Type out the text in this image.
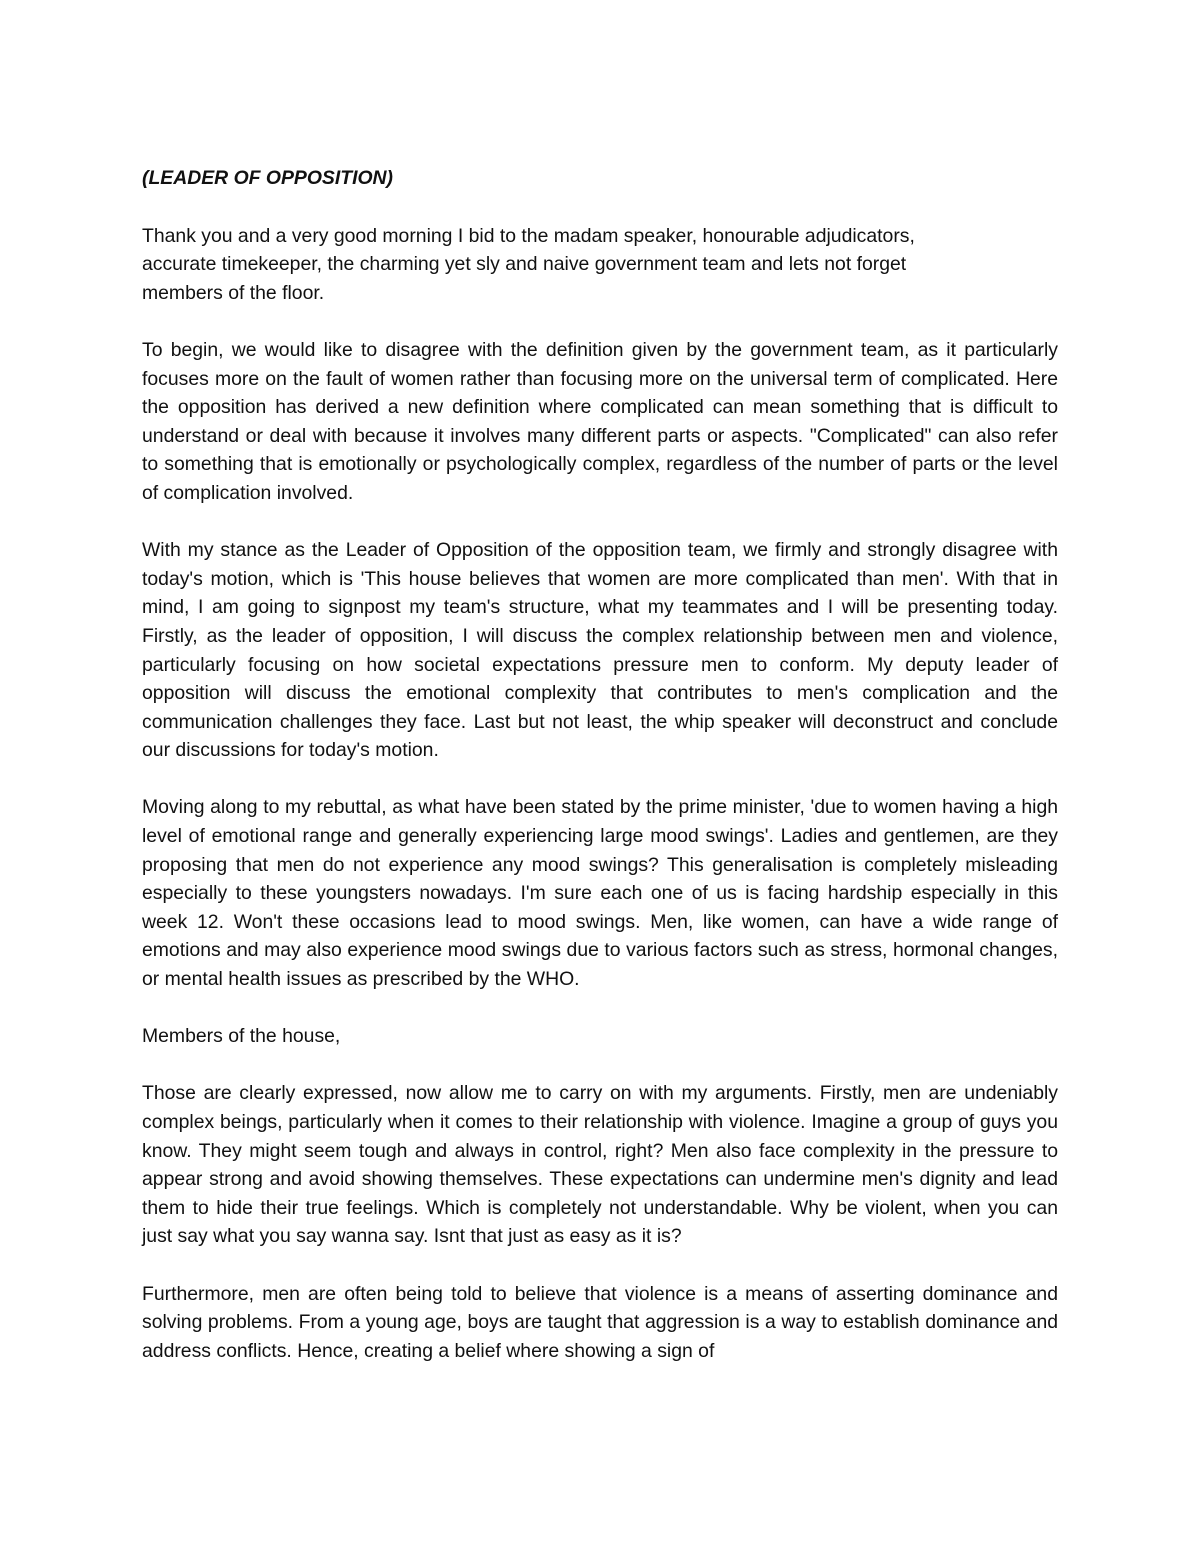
(LEADER OF OPPOSITION)

Thank you and a very good morning I bid to the madam speaker, honourable adjudicators,
accurate timekeeper, the charming yet sly and naive government team and lets not forget
members of the floor.

To begin, we would like to disagree with the definition given by the government team, as it particularly focuses more on the fault of women rather than focusing more on the universal term of complicated. Here the opposition has derived a new definition where complicated can mean something that is difficult to understand or deal with because it involves many different parts or aspects. "Complicated" can also refer to something that is emotionally or psychologically complex, regardless of the number of parts or the level of complication involved.

With my stance as the Leader of Opposition of the opposition team, we firmly and strongly disagree with today's motion, which is 'This house believes that women are more complicated than men'. With that in mind, I am going to signpost my team's structure, what my teammates and I will be presenting today. Firstly, as the leader of opposition, I will discuss the complex relationship between men and violence, particularly focusing on how societal expectations pressure men to conform. My deputy leader of opposition will discuss the emotional complexity that contributes to men's complication and the communication challenges they face. Last but not least, the whip speaker will deconstruct and conclude our discussions for today's motion.

Moving along to my rebuttal, as what have been stated by the prime minister, 'due to women having a high level of emotional range and generally experiencing large mood swings'. Ladies and gentlemen, are they proposing that men do not experience any mood swings? This generalisation is completely misleading especially to these youngsters nowadays. I'm sure each one of us is facing hardship especially in this week 12. Won't these occasions lead to mood swings. Men, like women, can have a wide range of emotions and may also experience mood swings due to various factors such as stress, hormonal changes, or mental health issues as prescribed by the WHO.

Members of the house,

Those are clearly expressed, now allow me to carry on with my arguments. Firstly, men are undeniably complex beings, particularly when it comes to their relationship with violence. Imagine a group of guys you know. They might seem tough and always in control, right? Men also face complexity in the pressure to appear strong and avoid showing themselves. These expectations can undermine men's dignity and lead them to hide their true feelings. Which is completely not understandable. Why be violent, when you can just say what you say wanna say. Isnt that just as easy as it is?

Furthermore, men are often being told to believe that violence is a means of asserting dominance and solving problems. From a young age, boys are taught that aggression is a way to establish dominance and address conflicts. Hence, creating a belief where showing a sign of
